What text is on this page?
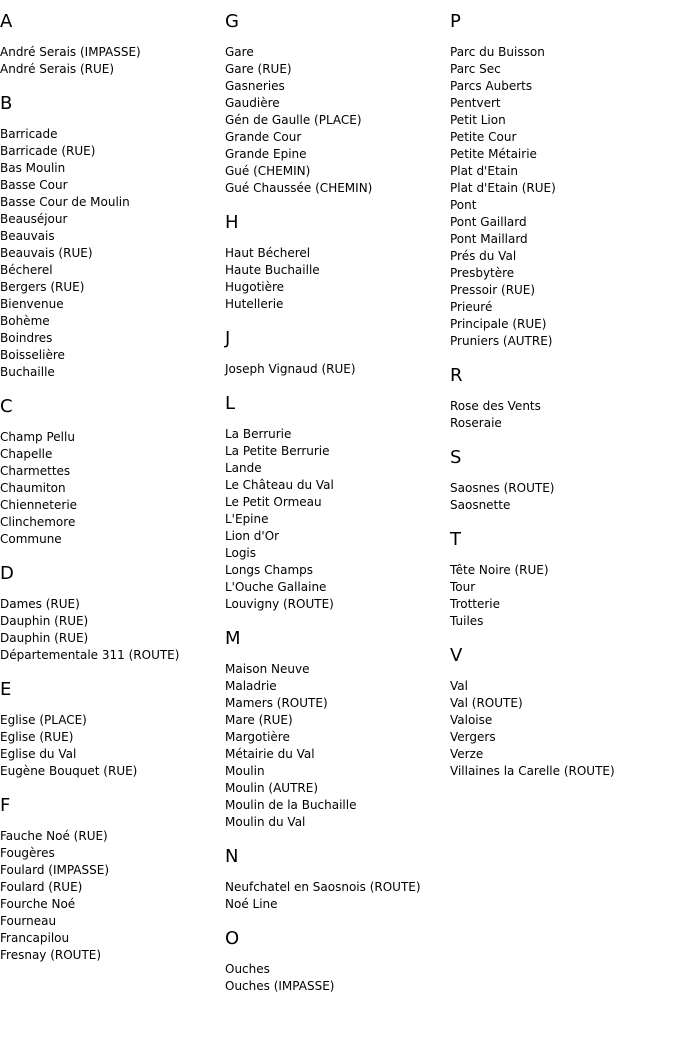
A
André Serais (IMPASSE)
André Serais (RUE)
B
Barricade
Barricade (RUE)
Bas Moulin
Basse Cour
Basse Cour de Moulin
Beauséjour
Beauvais
Beauvais (RUE)
Bécherel
Bergers (RUE)
Bienvenue
Bohème
Boindres
Boisselière
Buchaille
C
Champ Pellu
Chapelle
Charmettes
Chaumiton
Chienneterie
Clinchemore
Commune
D
Dames (RUE)
Dauphin (RUE)
Dauphin (RUE)
Départementale 311 (ROUTE)
E
Eglise (PLACE)
Eglise (RUE)
Eglise du Val
Eugène Bouquet (RUE)
F
Fauche Noé (RUE)
Fougères
Foulard (IMPASSE)
Foulard (RUE)
Fourche Noé
Fourneau
Francapilou
Fresnay (ROUTE)
G
Gare
Gare (RUE)
Gasneries
Gaudière
Gén de Gaulle (PLACE)
Grande Cour
Grande Epine
Gué (CHEMIN)
Gué Chaussée (CHEMIN)
H
Haut Bécherel
Haute Buchaille
Hugotière
Hutellerie
J
Joseph Vignaud (RUE)
L
La Berrurie
La Petite Berrurie
Lande
Le Château du Val
Le Petit Ormeau
L'Epine
Lion d'Or
Logis
Longs Champs
L'Ouche Gallaine
Louvigny (ROUTE)
M
Maison Neuve
Maladrie
Mamers (ROUTE)
Mare (RUE)
Margotière
Métairie du Val
Moulin
Moulin (AUTRE)
Moulin de la Buchaille
Moulin du Val
N
Neufchatel en Saosnois (ROUTE)
Noé Line
O
Ouches
Ouches (IMPASSE)
P
Parc du Buisson
Parc Sec
Parcs Auberts
Pentvert
Petit Lion
Petite Cour
Petite Métairie
Plat d'Etain
Plat d'Etain (RUE)
Pont
Pont Gaillard
Pont Maillard
Prés du Val
Presbytère
Pressoir (RUE)
Prieuré
Principale (RUE)
Pruniers (AUTRE)
R
Rose des Vents
Roseraie
S
Saosnes (ROUTE)
Saosnette
T
Tête Noire (RUE)
Tour
Trotterie
Tuiles
V
Val
Val (ROUTE)
Valoise
Vergers
Verze
Villaines la Carelle (ROUTE)
